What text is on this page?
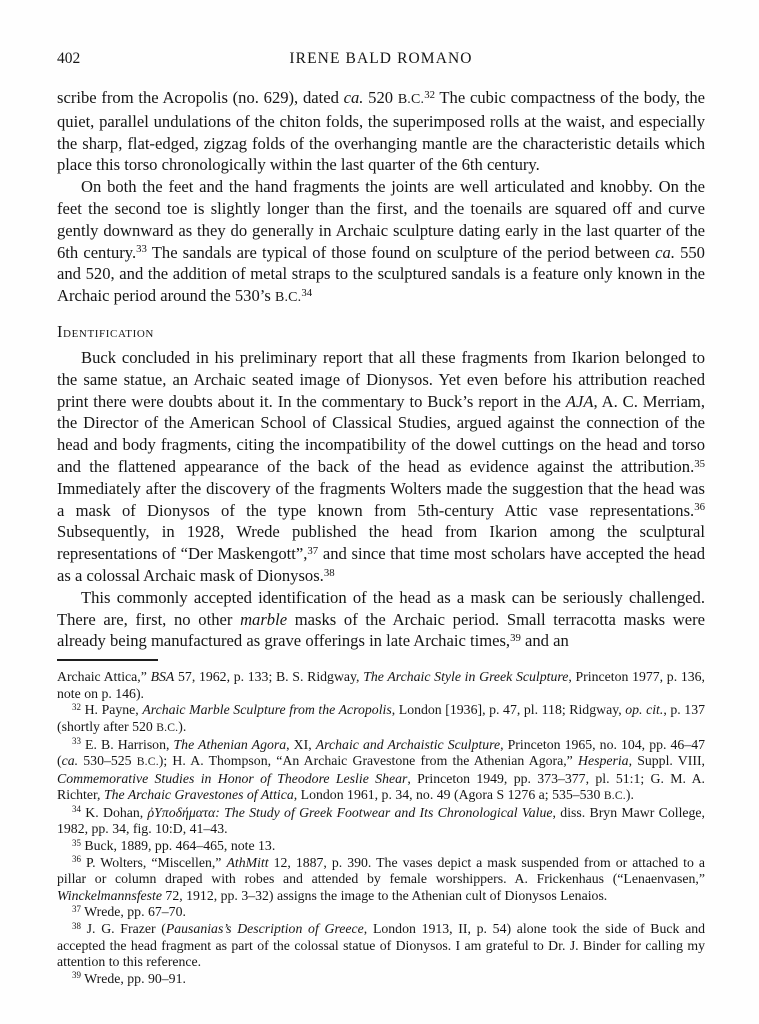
402	IRENE BALD ROMANO

scribe from the Acropolis (no. 629), dated ca. 520 B.C.$^{32}$ The cubic compactness of the body, the quiet, parallel undulations of the chiton folds, the superimposed rolls at the waist, and especially the sharp, flat-edged, zigzag folds of the overhanging mantle are the characteristic details which place this torso chronologically within the last quarter of the 6th century.

On both the feet and the hand fragments the joints are well articulated and knobby. On the feet the second toe is slightly longer than the first, and the toenails are squared off and curve gently downward as they do generally in Archaic sculpture dating early in the last quarter of the 6th century.$^{33}$ The sandals are typical of those found on sculpture of the period between ca. 550 and 520, and the addition of metal straps to the sculptured sandals is a feature only known in the Archaic period around the 530’s B.C.$^{34}$

Identification

Buck concluded in his preliminary report that all these fragments from Ikarion belonged to the same statue, an Archaic seated image of Dionysos. Yet even before his attribution reached print there were doubts about it. In the commentary to Buck’s report in the AJA, A. C. Merriam, the Director of the American School of Classical Studies, argued against the connection of the head and body fragments, citing the incompatibility of the dowel cuttings on the head and torso and the flattened appearance of the back of the head as evidence against the attribution.$^{35}$ Immediately after the discovery of the fragments Wolters made the suggestion that the head was a mask of Dionysos of the type known from 5th-century Attic vase representations.$^{36}$ Subsequently, in 1928, Wrede published the head from Ikarion among the sculptural representations of “Der Maskengott”,$^{37}$ and since that time most scholars have accepted the head as a colossal Archaic mask of Dionysos.$^{38}$

This commonly accepted identification of the head as a mask can be seriously challenged. There are, first, no other marble masks of the Archaic period. Small terracotta masks were already being manufactured as grave offerings in late Archaic times,$^{39}$ and an

Archaic Attica,” BSA 57, 1962, p. 133; B. S. Ridgway, The Archaic Style in Greek Sculpture, Princeton 1977, p. 136, note on p. 146).

$^{32}$ H. Payne, Archaic Marble Sculpture from the Acropolis, London [1936], p. 47, pl. 118; Ridgway, op. cit., p. 137 (shortly after 520 B.C.).

$^{33}$ E. B. Harrison, The Athenian Agora, XI, Archaic and Archaistic Sculpture, Princeton 1965, no. 104, pp. 46–47 (ca. 530–525 B.C.); H. A. Thompson, “An Archaic Gravestone from the Athenian Agora,” Hesperia, Suppl. VIII, Commemorative Studies in Honor of Theodore Leslie Shear, Princeton 1949, pp. 373–377, pl. 51:1; G. M. A. Richter, The Archaic Gravestones of Attica, London 1961, p. 34, no. 49 (Agora S 1276 a; 535–530 B.C.).

$^{34}$ K. Dohan, ῤΥποδήματα: The Study of Greek Footwear and Its Chronological Value, diss. Bryn Mawr College, 1982, pp. 34, fig. 10:D, 41–43.

$^{35}$ Buck, 1889, pp. 464–465, note 13.

$^{36}$ P. Wolters, “Miscellen,” AthMitt 12, 1887, p. 390. The vases depict a mask suspended from or attached to a pillar or column draped with robes and attended by female worshippers. A. Frickenhaus (“Lenaenvasen,” Winckelmannsfeste 72, 1912, pp. 3–32) assigns the image to the Athenian cult of Dionysos Lenaios.

$^{37}$ Wrede, pp. 67–70.

$^{38}$ J. G. Frazer (Pausanias’s Description of Greece, London 1913, II, p. 54) alone took the side of Buck and accepted the head fragment as part of the colossal statue of Dionysos. I am grateful to Dr. J. Binder for calling my attention to this reference.

$^{39}$ Wrede, pp. 90–91.
